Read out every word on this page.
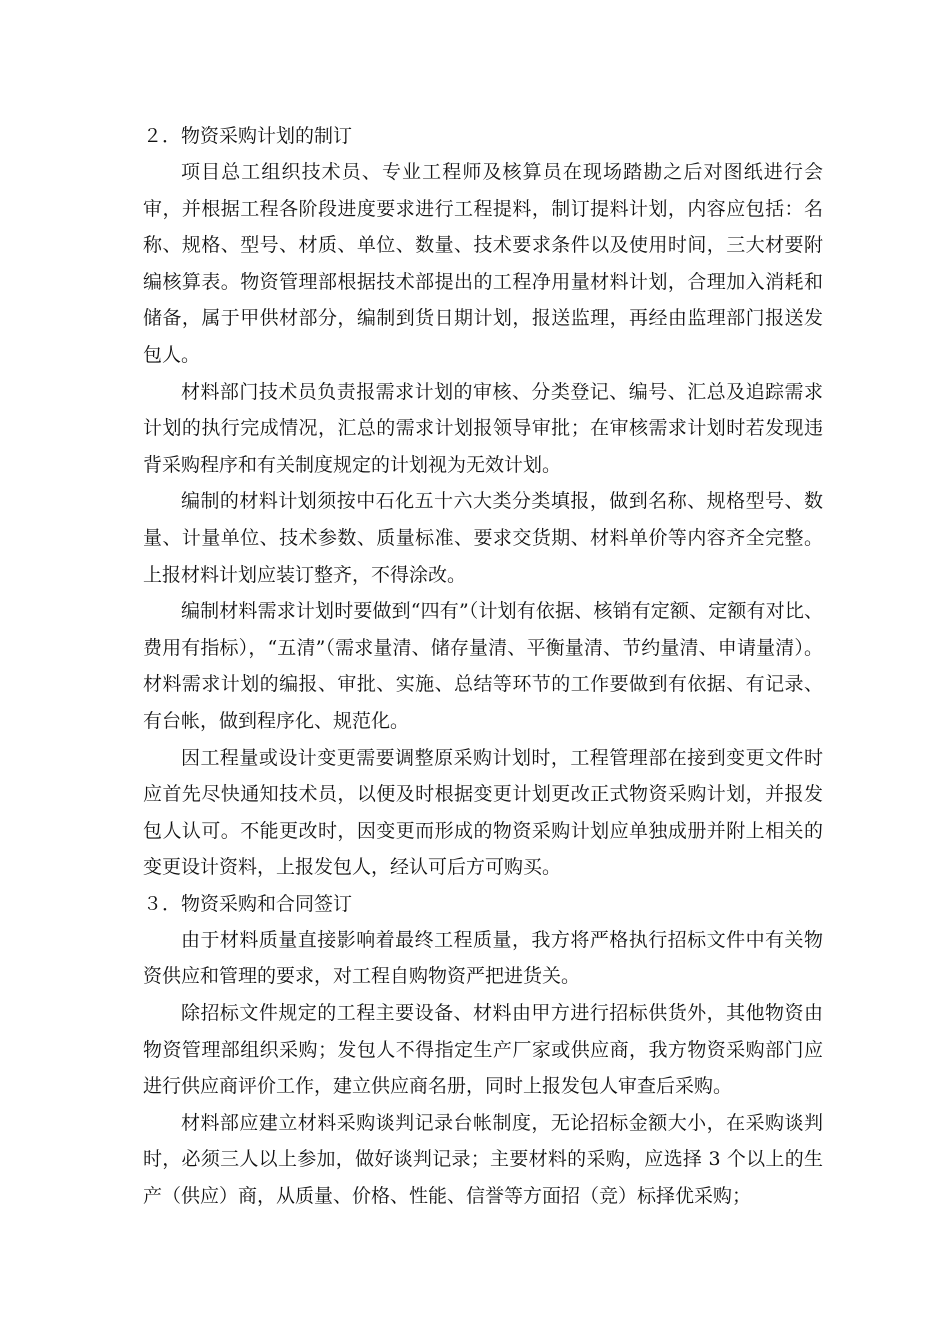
２．物资采购计划的制订

项目总工组织技术员、专业工程师及核算员在现场踏勘之后对图纸进行会审，并根据工程各阶段进度要求进行工程提料，制订提料计划，内容应包括：名称、规格、型号、材质、单位、数量、技术要求条件以及使用时间，三大材要附编核算表。物资管理部根据技术部提出的工程净用量材料计划，合理加入消耗和储备，属于甲供材部分，编制到货日期计划，报送监理，再经由监理部门报送发包人。

材料部门技术员负责报需求计划的审核、分类登记、编号、汇总及追踪需求计划的执行完成情况，汇总的需求计划报领导审批；在审核需求计划时若发现违背采购程序和有关制度规定的计划视为无效计划。

编制的材料计划须按中石化五十六大类分类填报，做到名称、规格型号、数量、计量单位、技术参数、质量标准、要求交货期、材料单价等内容齐全完整。上报材料计划应装订整齐，不得涂改。

编制材料需求计划时要做到“四有”（计划有依据、核销有定额、定额有对比、费用有指标），“五清”（需求量清、储存量清、平衡量清、节约量清、申请量清）。材料需求计划的编报、审批、实施、总结等环节的工作要做到有依据、有记录、有台帐，做到程序化、规范化。

因工程量或设计变更需要调整原采购计划时，工程管理部在接到变更文件时应首先尽快通知技术员，以便及时根据变更计划更改正式物资采购计划，并报发包人认可。不能更改时，因变更而形成的物资采购计划应单独成册并附上相关的变更设计资料，上报发包人，经认可后方可购买。

３．物资采购和合同签订

由于材料质量直接影响着最终工程质量，我方将严格执行招标文件中有关物资供应和管理的要求，对工程自购物资严把进货关。

除招标文件规定的工程主要设备、材料由甲方进行招标供货外，其他物资由物资管理部组织采购；发包人不得指定生产厂家或供应商，我方物资采购部门应进行供应商评价工作，建立供应商名册，同时上报发包人审查后采购。

材料部应建立材料采购谈判记录台帐制度，无论招标金额大小，在采购谈判时，必须三人以上参加，做好谈判记录；主要材料的采购，应选择 3 个以上的生产（供应）商，从质量、价格、性能、信誉等方面招（竞）标择优采购；
